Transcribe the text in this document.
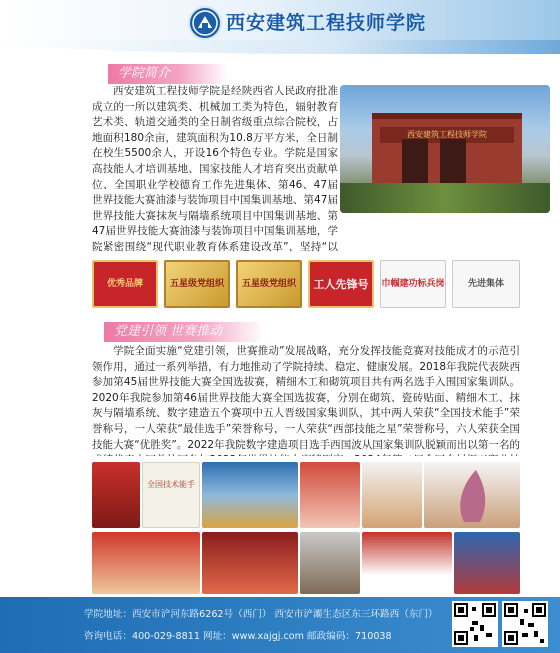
西安建筑工程技师学院
学院简介
西安建筑工程技师学院

西安建筑工程技师学院是经陕西省人民政府批准成立的一所以建筑类、机械加工类为特色，辐射教育艺术类、轨道交通类的全日制省级重点综合院校，占地面积180余亩，建筑面积为10.8万平方米，全日制在校生5500余人，开设16个特色专业。学院是国家高技能人才培训基地、国家技能人才培育突出贡献单位、全国职业学校德育工作先进集体、第46、47届世界技能大赛油漆与装饰项目中国集训基地、第47届世界技能大赛抹灰与隔墙系统项目中国集训基地、第47届世界技能大赛油漆与装饰项目中国集训基地，学院紧密围绕“现代职业教育体系建设改革”，坚持“以

优秀品牌	五星级党组织 五星级党组织 工人先锋号 巾帼建功标兵岗	先进集体
党建引领 世赛推动

学院全面实施“党建引领，世赛推动”发展战略，充分发挥技能竞赛对技能成才的示范引领作用，通过一系列举措，有力地推动了学院持续、稳定、健康发展。2018年我院代表陕西参加第45届世界技能大赛全国选拔赛，精细木工和砌筑项目共有两名选手入围国家集训队。2020年我院参加第46届世界技能大赛全国选拔赛，分别在砌筑、瓷砖贴面、精细木工、抹灰与隔墙系统、数字建造五个赛项中五人晋级国家集训队，其中两人荣获“全国技术能手”荣誉称号，一人荣获“最佳选手”荣誉称号，一人荣获“西部技能之星”荣誉称号，六人荣获全国技能大赛“优胜奖”。2022年我院数字建造项目选手西国波从国家集训队脱颖而出以第一名的

全国技术能手
学院地址：西安市浐河东路6262号（西门） 西安市浐灞生态区东三环路西（东门）
咨询电话：400-029-8811 网址：www.xajgj.com 邮政编码：710038
